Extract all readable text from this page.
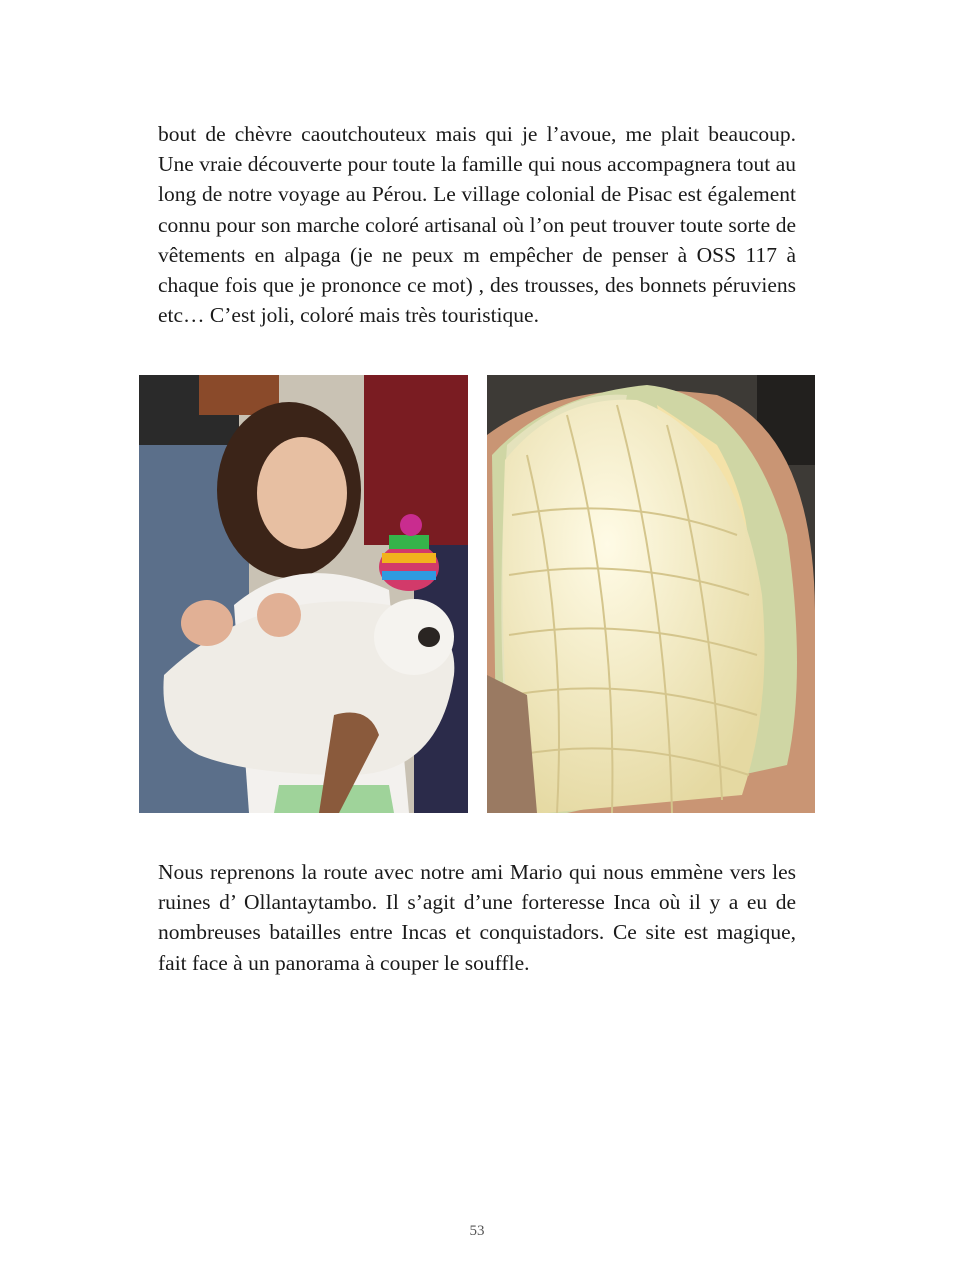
bout de chèvre caoutchouteux mais qui je l’avoue, me plait beaucoup. Une vraie découverte pour toute la famille qui nous accompagnera tout au long de notre voyage au Pérou. Le village colonial de Pisac est également connu pour son marche coloré artisanal où l’on peut trouver toute sorte de vêtements en alpaga (je ne peux m empêcher de penser à OSS 117 à chaque fois que je prononce ce mot) , des trousses, des bonnets péruviens etc… C’est joli, coloré mais très touristique.

Nous reprenons la route avec notre ami Mario qui nous emmène vers les ruines d’ Ollantaytambo. Il s’agit d’une forteresse Inca où il y a eu de nombreuses batailles entre Incas et conquistadors. Ce site est magique, fait face à un panorama à couper le souffle.

53
